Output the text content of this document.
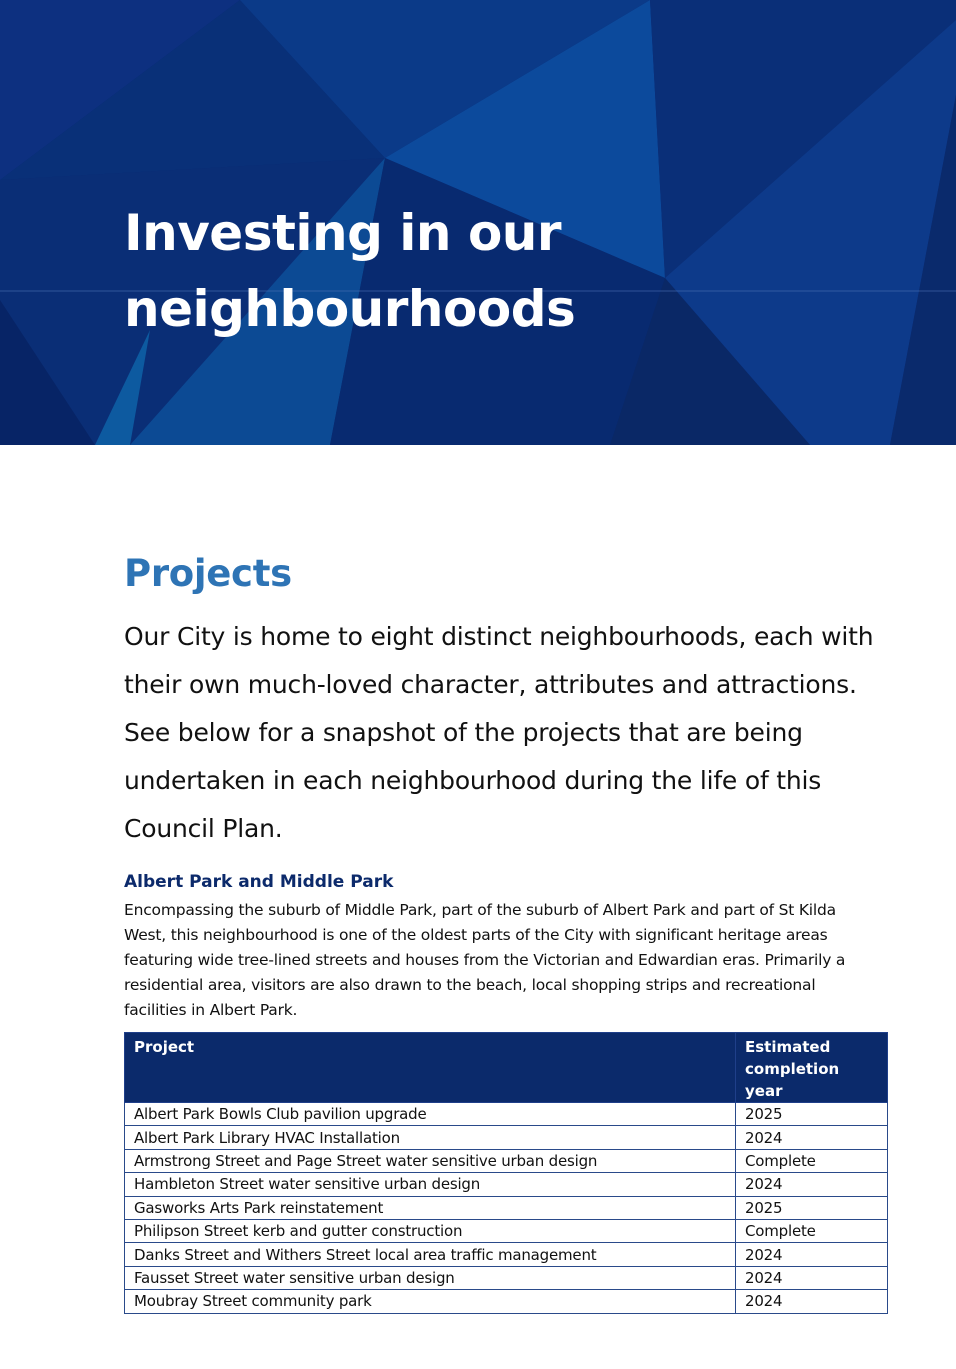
Investing in our
neighbourhoods
Projects

Our City is home to eight distinct neighbourhoods, each with their own much-loved character, attributes and attractions. See below for a snapshot of the projects that are being undertaken in each neighbourhood during the life of this Council Plan.

Albert Park and Middle Park

Encompassing the suburb of Middle Park, part of the suburb of Albert Park and part of St Kilda West, this neighbourhood is one of the oldest parts of the City with significant heritage areas featuring wide tree-lined streets and houses from the Victorian and Edwardian eras. Primarily a residential area, visitors are also drawn to the beach, local shopping strips and recreational facilities in Albert Park.

Project	Estimated completion year
Albert Park Bowls Club pavilion upgrade	2025
Albert Park Library HVAC Installation	2024
Armstrong Street and Page Street water sensitive urban design	Complete
Hambleton Street water sensitive urban design	2024
Gasworks Arts Park reinstatement	2025
Philipson Street kerb and gutter construction	Complete
Danks Street and Withers Street local area traffic management	2024
Fausset Street water sensitive urban design	2024
Moubray Street community park	2024
